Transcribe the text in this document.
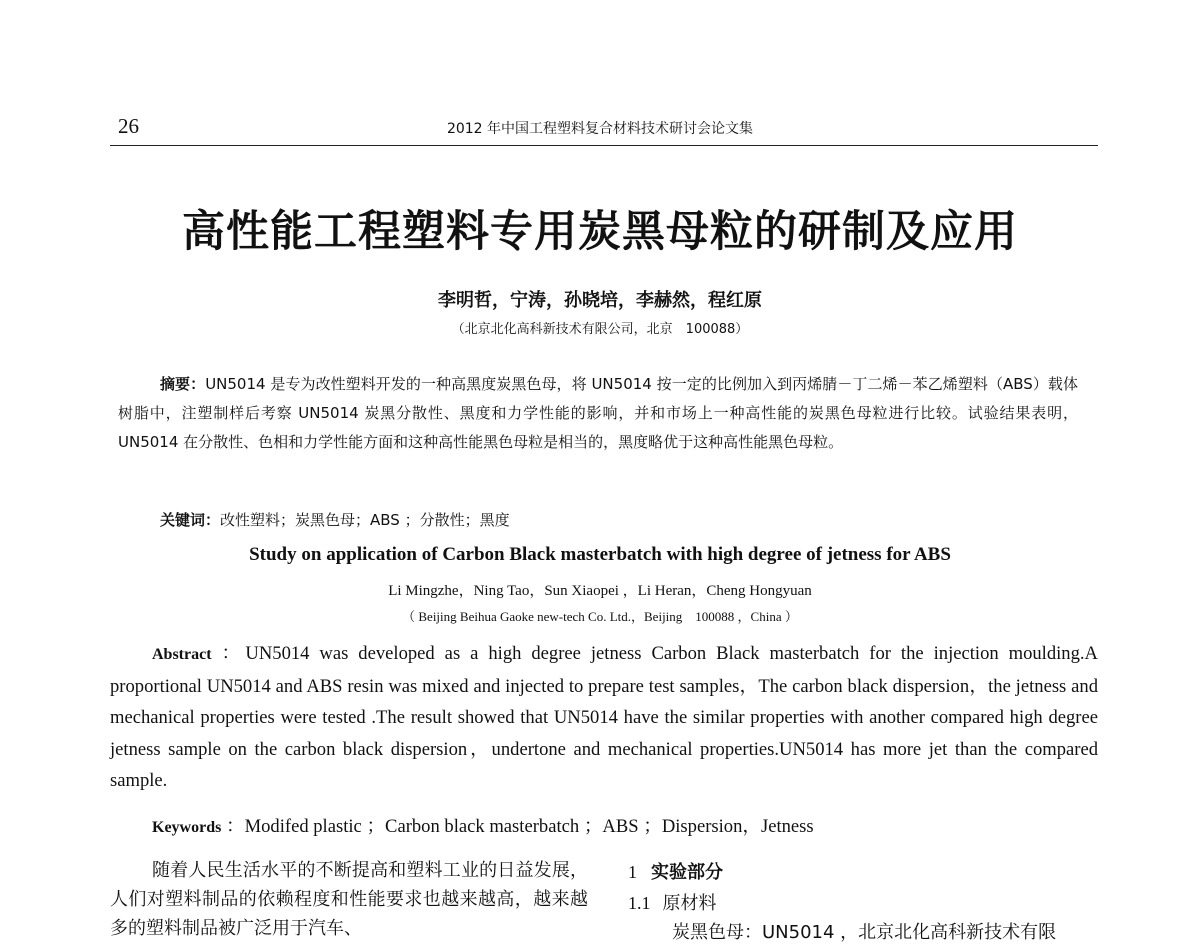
26	2012 年中国工程塑料复合材料技术研讨会论文集
高性能工程塑料专用炭黑母粒的研制及应用
李明哲，宁涛，孙晓培，李赫然，程红原
（北京北化高科新技术有限公司，北京　100088）
摘要：UN5014 是专为改性塑料开发的一种高黑度炭黑色母，将 UN5014 按一定的比例加入到丙烯腈－丁二烯－苯乙烯塑料（ABS）载体树脂中，注塑制样后考察 UN5014 炭黑分散性、黑度和力学性能的影响，并和市场上一种高性能的炭黑色母粒进行比较。试验结果表明，UN5014 在分散性、色相和力学性能方面和这种高性能黑色母粒是相当的，黑度略优于这种高性能黑色母粒。
关键词：改性塑料；炭黑色母；ABS ；分散性；黑度
Study on application of Carbon Black masterbatch with high degree of jetness for ABS
Li Mingzhe，Ning Tao，Sun Xiaopei ，Li Heran，Cheng Hongyuan
（ Beijing Beihua Gaoke new-tech Co. Ltd.，Beijing　100088 ，China ）
Abstract ：UN5014 was developed as a high degree jetness Carbon Black masterbatch for the injection moulding.A proportional UN5014 and ABS resin was mixed and injected to prepare test samples，The carbon black dispersion，the jetness and mechanical properties were tested .The result showed that UN5014 have the similar properties with another compared high degree jetness sample on the carbon black dispersion，undertone and mechanical properties.UN5014 has more jet than the compared sample.
Keywords ：Modifed plastic ；Carbon black masterbatch ；ABS ；Dispersion，Jetness

随着人民生活水平的不断提高和塑料工业的日益发展，人们对塑料制品的依赖程度和性能要求也越来越高，越来越多的塑料制品被广泛用于汽车、

1 实验部分
1.1 原材料
炭黑色母：UN5014 ，北京北化高科新技术有限
